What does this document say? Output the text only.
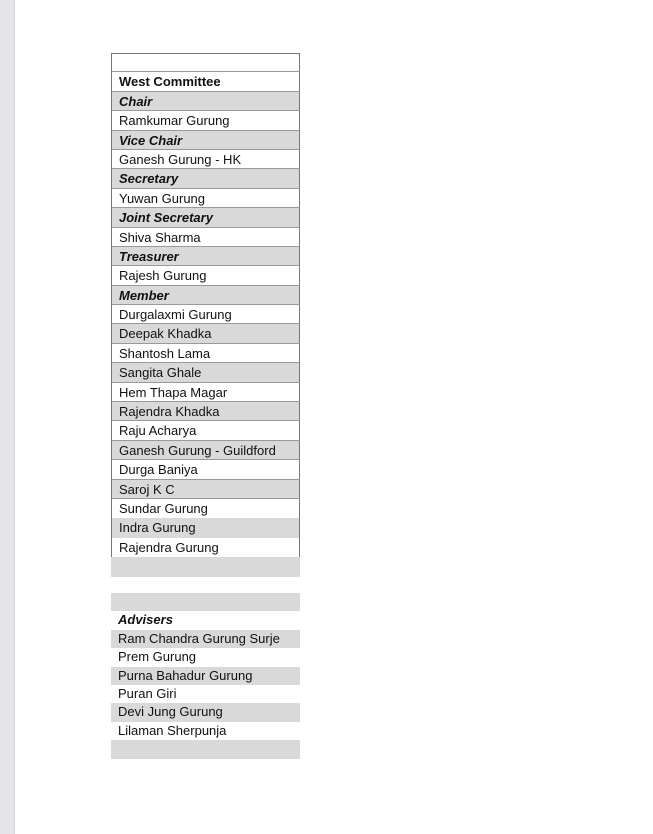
West Committee
Chair
Ramkumar Gurung
Vice Chair
Ganesh Gurung - HK
Secretary
Yuwan Gurung
Joint Secretary
Shiva Sharma
Treasurer
Rajesh Gurung
Member
Durgalaxmi Gurung
Deepak Khadka
Shantosh Lama
Sangita Ghale
Hem Thapa Magar
Rajendra Khadka
Raju Acharya
Ganesh Gurung - Guildford
Durga Baniya
Saroj K C
Sundar Gurung
Indra Gurung
Rajendra Gurung
Advisers
Ram Chandra Gurung Surje
Prem Gurung
Purna Bahadur Gurung
Puran Giri
Devi Jung Gurung
Lilaman Sherpunja
